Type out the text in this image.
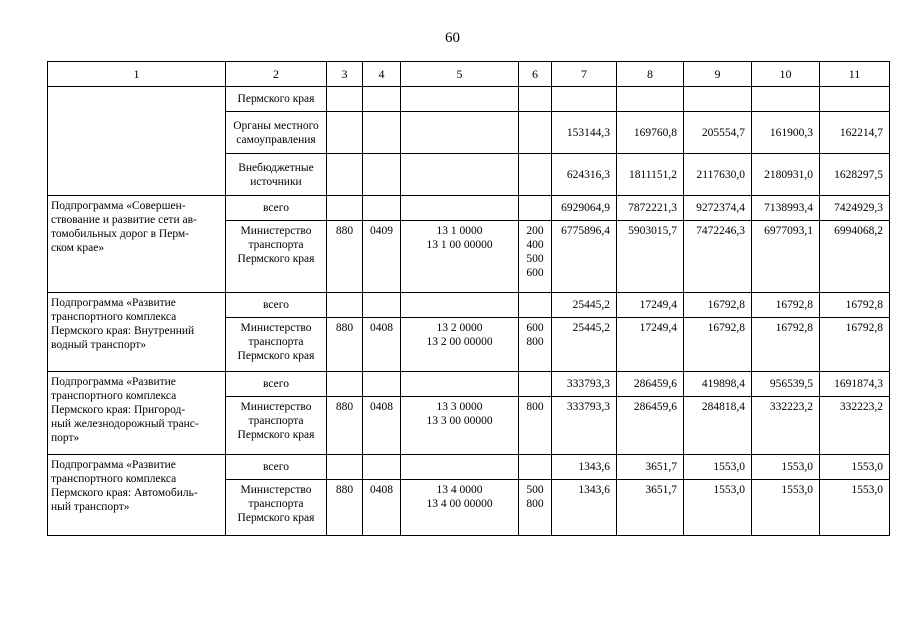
60
1	2	3	4	5	6	7	8	9	10	11
	Пермского края									
	Органы местного самоуправления					153144,3	169760,8	205554,7	161900,3	162214,7
	Внебюджетные источники					624316,3	1811151,2	2117630,0	2180931,0	1628297,5
Подпрограмма «Совершен-
ствование и развитие сети ав-
томобильных дорог в Перм-
ском крае»	всего					6929064,9	7872221,3	9272374,4	7138993,4	7424929,3
	Министерство транспорта Пермского края	880	0409	13 1 0000
13 1 00 00000	200
400
500
600	6775896,4	5903015,7	7472246,3	6977093,1	6994068,2
Подпрограмма «Развитие
транспортного комплекса
Пермского края: Внутренний
водный транспорт»	всего					25445,2	17249,4	16792,8	16792,8	16792,8
	Министерство транспорта Пермского края	880	0408	13 2 0000
13 2 00 00000	600
800	25445,2	17249,4	16792,8	16792,8	16792,8
Подпрограмма «Развитие
транспортного комплекса
Пермского края: Пригород-
ный железнодорожный транс-
порт»	всего					333793,3	286459,6	419898,4	956539,5	1691874,3
	Министерство транспорта Пермского края	880	0408	13 3 0000
13 3 00 00000	800	333793,3	286459,6	284818,4	332223,2	332223,2
Подпрограмма «Развитие
транспортного комплекса
Пермского края: Автомобиль-
ный транспорт»	всего					1343,6	3651,7	1553,0	1553,0	1553,0
	Министерство транспорта Пермского края	880	0408	13 4 0000
13 4 00 00000	500
800	1343,6	3651,7	1553,0	1553,0	1553,0
